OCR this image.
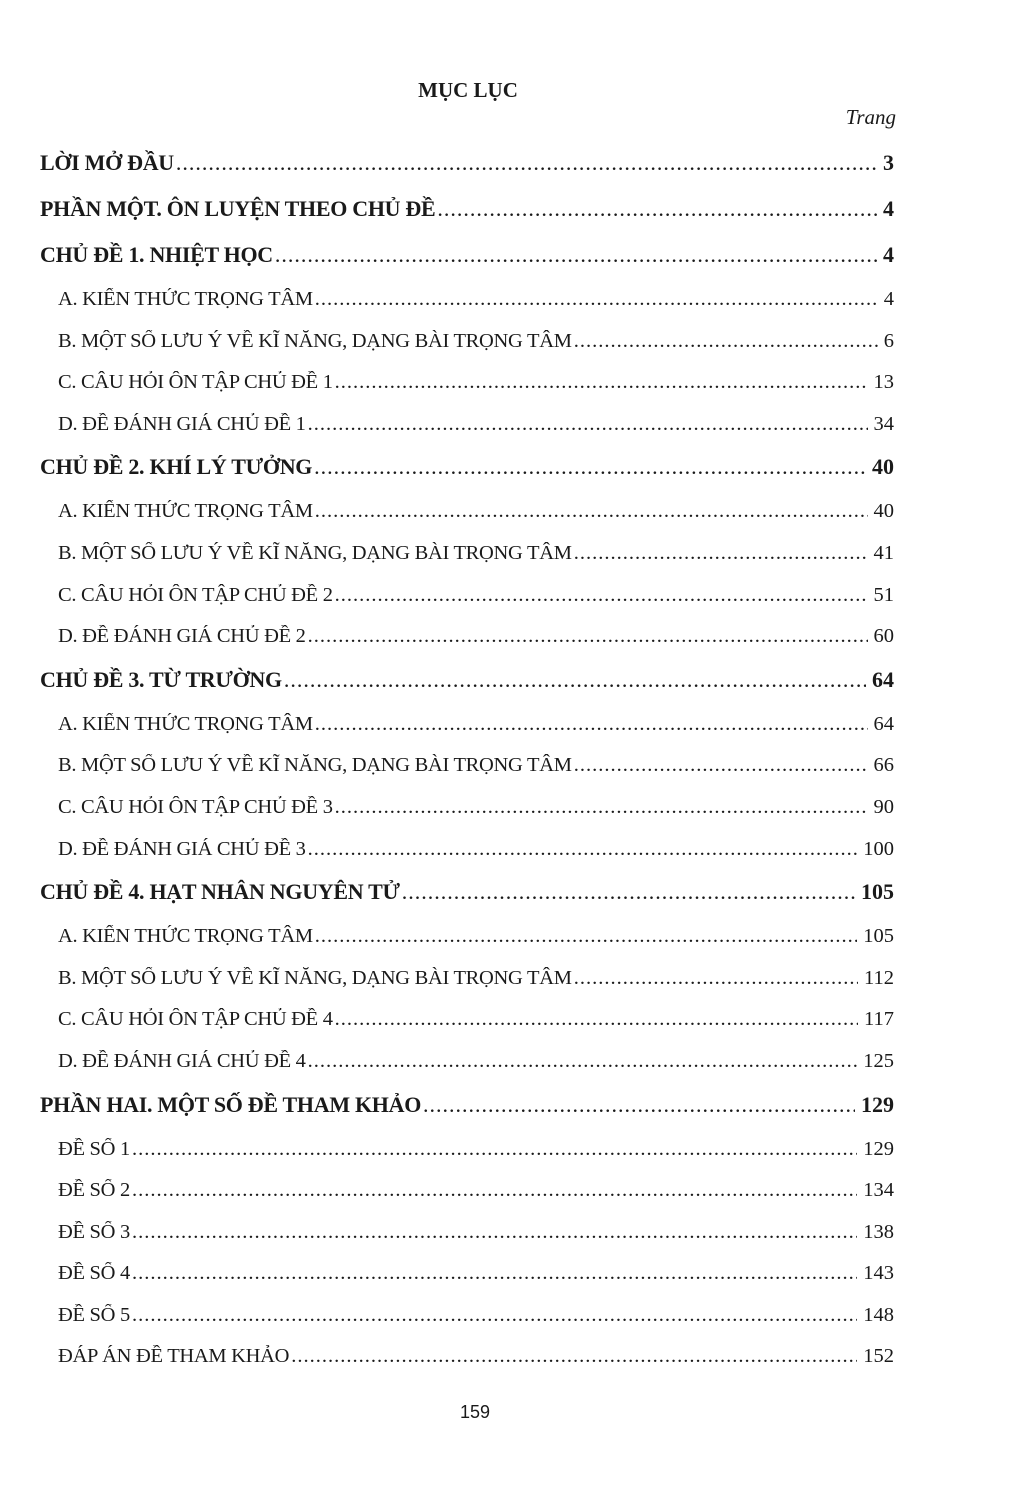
MỤC LỤC
Trang
LỜI MỞ ĐẦU .....	3
PHẦN MỘT. ÔN LUYỆN THEO CHỦ ĐỀ .....	4
CHỦ ĐỀ 1. NHIỆT HỌC .....	4
A. KIẾN THỨC TRỌNG TÂM .....	4
B. MỘT SỐ LƯU Ý VỀ KĨ NĂNG, DẠNG BÀI TRỌNG TÂM .....	6
C. CÂU HỎI ÔN TẬP CHỦ ĐỀ 1 .....	13
D. ĐỀ ĐÁNH GIÁ CHỦ ĐỀ 1 .....	34
CHỦ ĐỀ 2. KHÍ LÝ TƯỞNG .....	40
A. KIẾN THỨC TRỌNG TÂM .....	40
B. MỘT SỐ LƯU Ý VỀ KĨ NĂNG, DẠNG BÀI TRỌNG TÂM .....	41
C. CÂU HỎI ÔN TẬP CHỦ ĐỀ 2 .....	51
D. ĐỀ ĐÁNH GIÁ CHỦ ĐỀ 2 .....	60
CHỦ ĐỀ 3. TỪ TRƯỜNG .....	64
A. KIẾN THỨC TRỌNG TÂM .....	64
B. MỘT SỐ LƯU Ý VỀ KĨ NĂNG, DẠNG BÀI TRỌNG TÂM .....	66
C. CÂU HỎI ÔN TẬP CHỦ ĐỀ 3 .....	90
D. ĐỀ ĐÁNH GIÁ CHỦ ĐỀ 3 .....	100
CHỦ ĐỀ 4. HẠT NHÂN NGUYÊN TỬ .....	105
A. KIẾN THỨC TRỌNG TÂM .....	105
B. MỘT SỐ LƯU Ý VỀ KĨ NĂNG, DẠNG BÀI TRỌNG TÂM .....	112
C. CÂU HỎI ÔN TẬP CHỦ ĐỀ 4 .....	117
D. ĐỀ ĐÁNH GIÁ CHỦ ĐỀ 4 .....	125
PHẦN HAI. MỘT SỐ ĐỀ THAM KHẢO .....	129
ĐỀ SỐ 1 .....	129
ĐỀ SỐ 2 .....	134
ĐỀ SỐ 3 .....	138
ĐỀ SỐ 4 .....	143
ĐỀ SỐ 5 .....	148
ĐÁP ÁN ĐỀ THAM KHẢO .....	152
159
